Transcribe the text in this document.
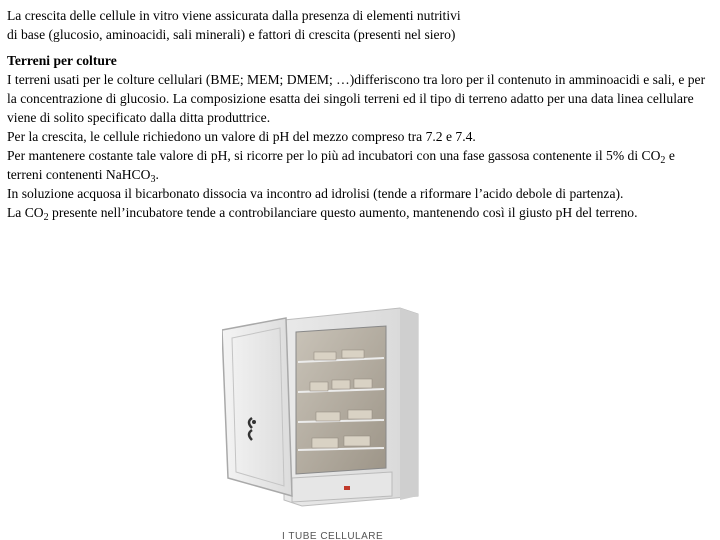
La crescita delle cellule in vitro viene assicurata dalla presenza di elementi nutritivi

di base (glucosio, aminoacidi, sali minerali) e fattori di crescita (presenti nel siero)

Terreni per colture

I terreni usati per le colture cellulari (BME; MEM; DMEM; …)differiscono tra loro per il contenuto in amminoacidi e sali, e per la concentrazione di glucosio. La composizione esatta dei singoli terreni ed il tipo di terreno adatto per una data linea cellulare viene di solito specificato dalla ditta produttrice.

Per la crescita, le cellule richiedono un valore di pH del mezzo compreso tra 7.2 e 7.4.

Per mantenere costante tale valore di pH, si ricorre per lo più ad incubatori con una fase gassosa contenente il 5% di $CO_2$ e terreni contenenti NaHCO$_3$.

In soluzione acquosa il bicarbonato dissocia va incontro ad idrolisi (tende a riformare l’acido debole di partenza).

La $CO_2$ presente nell’incubatore tende a controbilanciare questo aumento, mantenendo così il giusto pH del terreno.

I TUBE CELLULARE
